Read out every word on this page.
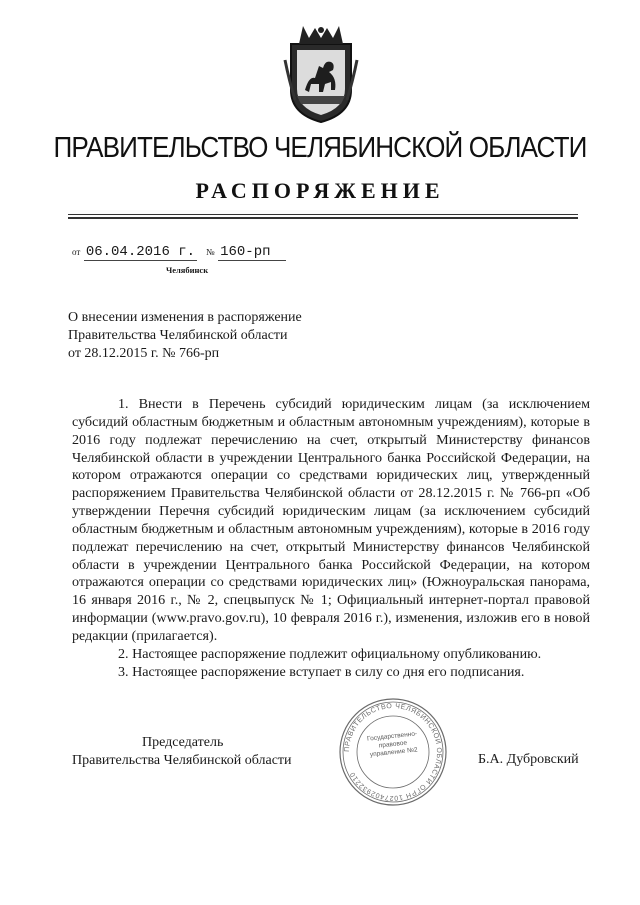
ПРАВИТЕЛЬСТВО ЧЕЛЯБИНСКОЙ ОБЛАСТИ
РАСПОРЯЖЕНИЕ
от 06.04.2016 г. № 160-рп
Челябинск
О внесении изменения в распоряжение
Правительства Челябинской области
от 28.12.2015 г. № 766-рп

1. Внести в Перечень субсидий юридическим лицам (за исключением субсидий областным бюджетным и областным автономным учреждениям), которые в 2016 году подлежат перечислению на счет, открытый Министерству финансов Челябинской области в учреждении Центрального банка Российской Федерации, на котором отражаются операции со средствами юридических лиц, утвержденный распоряжением Правительства Челябинской области от 28.12.2015 г. № 766-рп «Об утверждении Перечня субсидий юридическим лицам (за исключением субсидий областным бюджетным и областным автономным учреждениям), которые в 2016 году подлежат перечислению на счет, открытый Министерству финансов Челябинской области в учреждении Центрального банка Российской Федерации, на котором отражаются операции со средствами юридических лиц» (Южноуральская панорама, 16 января 2016 г., № 2, спецвыпуск № 1; Официальный интернет-портал правовой информации (www.pravo.gov.ru), 10 февраля 2016 г.), изменения, изложив его в новой редакции (прилагается).

2. Настоящее распоряжение подлежит официальному опубликованию.

3. Настоящее распоряжение вступает в силу со дня его подписания.

Председатель
Правительства Челябинской области
ПРАВИТЕЛЬСТВО ЧЕЛЯБИНСКОЙ ОБЛАСТИ ОГРН 1027402932210
Государственно-правовое управление №2	Б.А. Дубровский
